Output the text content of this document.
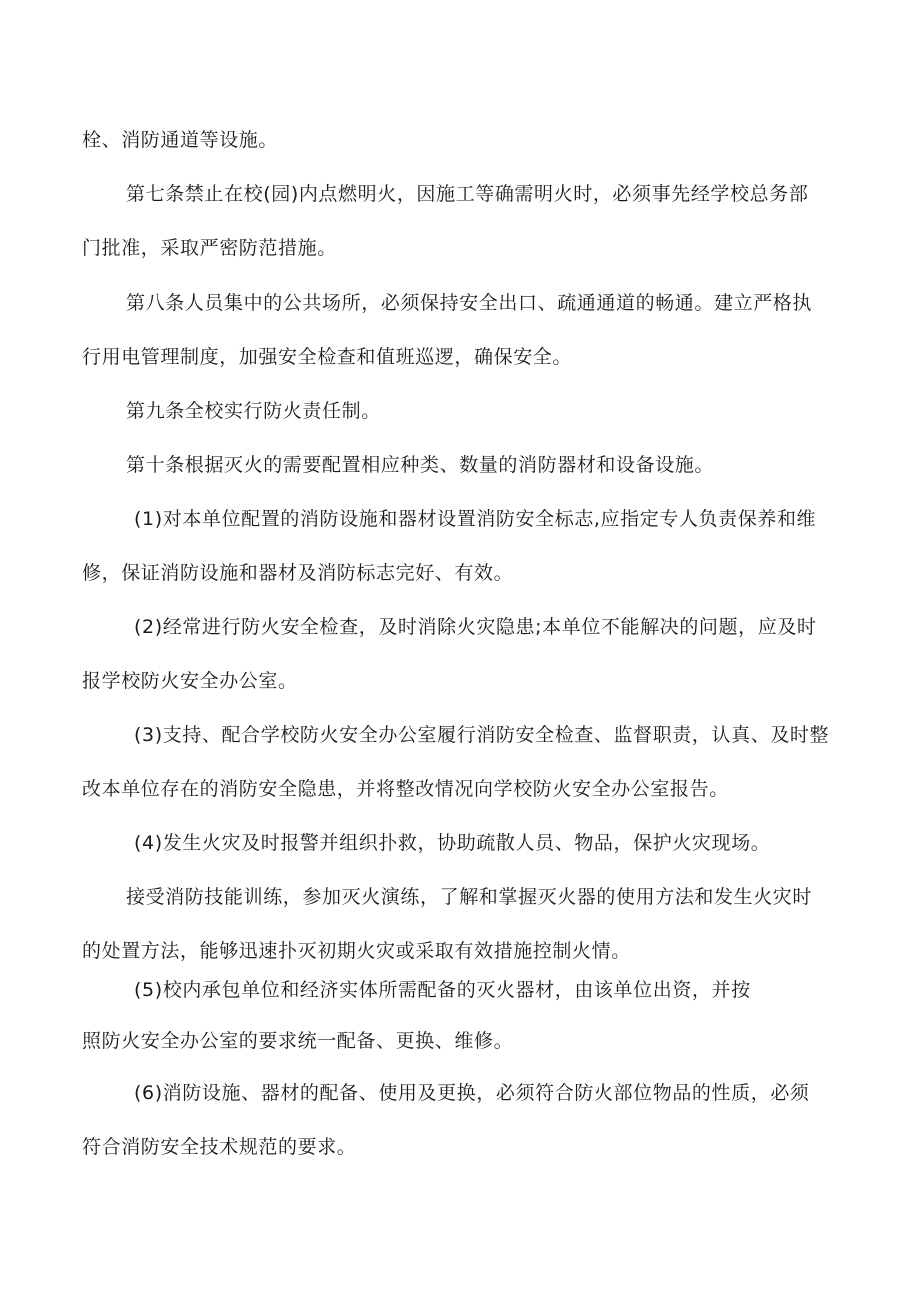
栓、消防通道等设施。
第七条禁止在校(园)内点燃明火，因施工等确需明火时，必须事先经学校总务部
门批准，采取严密防范措施。
第八条人员集中的公共场所，必须保持安全出口、疏通通道的畅通。建立严格执
行用电管理制度，加强安全检查和值班巡逻，确保安全。
第九条全校实行防火责任制。
第十条根据灭火的需要配置相应种类、数量的消防器材和设备设施。
(1)对本单位配置的消防设施和器材设置消防安全标志,应指定专人负责保养和维
修，保证消防设施和器材及消防标志完好、有效。
(2)经常进行防火安全检查，及时消除火灾隐患;本单位不能解决的问题，应及时
报学校防火安全办公室。
(3)支持、配合学校防火安全办公室履行消防安全检查、监督职责，认真、及时整
改本单位存在的消防安全隐患，并将整改情况向学校防火安全办公室报告。
(4)发生火灾及时报警并组织扑救，协助疏散人员、物品，保护火灾现场。
接受消防技能训练，参加灭火演练，了解和掌握灭火器的使用方法和发生火灾时
的处置方法，能够迅速扑灭初期火灾或采取有效措施控制火情。
(5)校内承包单位和经济实体所需配备的灭火器材，由该单位出资，并按
照防火安全办公室的要求统一配备、更换、维修。
(6)消防设施、器材的配备、使用及更换，必须符合防火部位物品的性质，必须
符合消防安全技术规范的要求。
